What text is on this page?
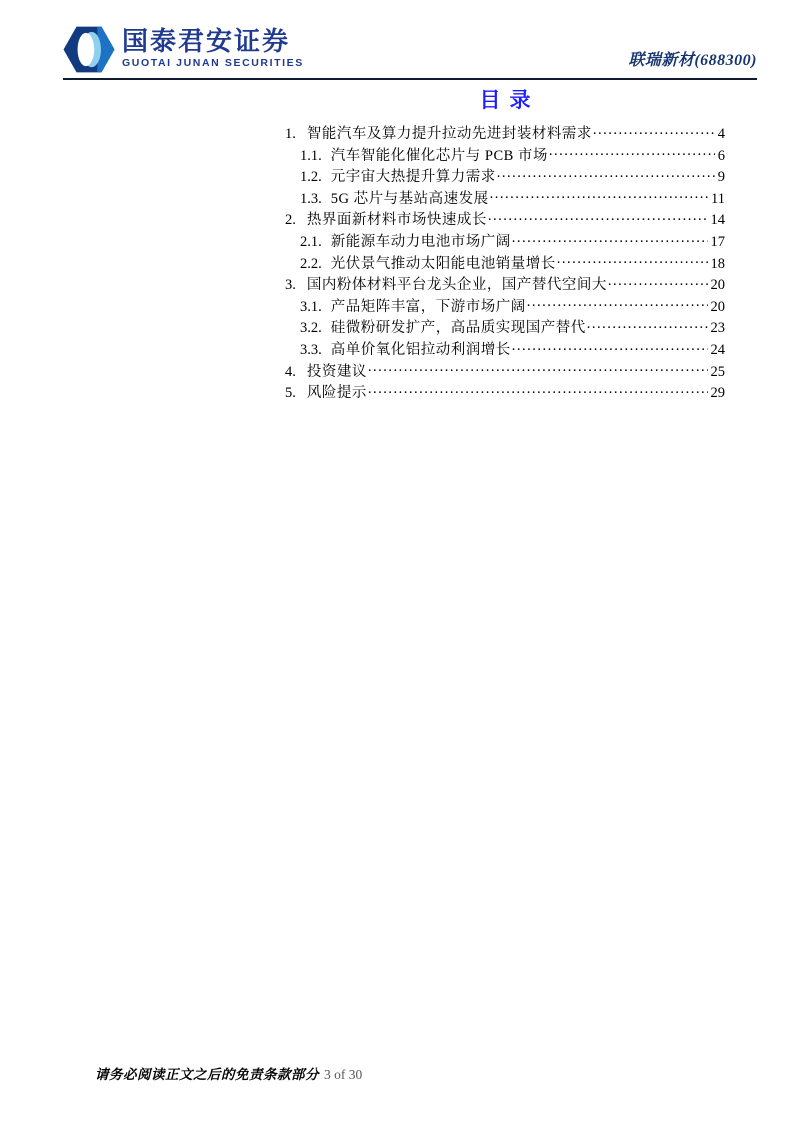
国泰君安证券
GUOTAI JUNAN SECURITIES	联瑞新材(688300)
目录
1. 智能汽车及算力提升拉动先进封装材料需求 .....	4
1.1. 汽车智能化催化芯片与 PCB 市场 .....	6
1.2. 元宇宙大热提升算力需求 .....	9
1.3. 5G 芯片与基站高速发展 .....	11
2. 热界面新材料市场快速成长 .....	14
2.1. 新能源车动力电池市场广阔 .....	17
2.2. 光伏景气推动太阳能电池销量增长 .....	18
3. 国内粉体材料平台龙头企业，国产替代空间大 .....	20
3.1. 产品矩阵丰富，下游市场广阔 .....	20
3.2. 硅微粉研发扩产，高品质实现国产替代 .....	23
3.3. 高单价氧化铝拉动利润增长 .....	24
4. 投资建议 .....	25
5. 风险提示 .....	29
请务必阅读正文之后的免责条款部分 3 of 30
